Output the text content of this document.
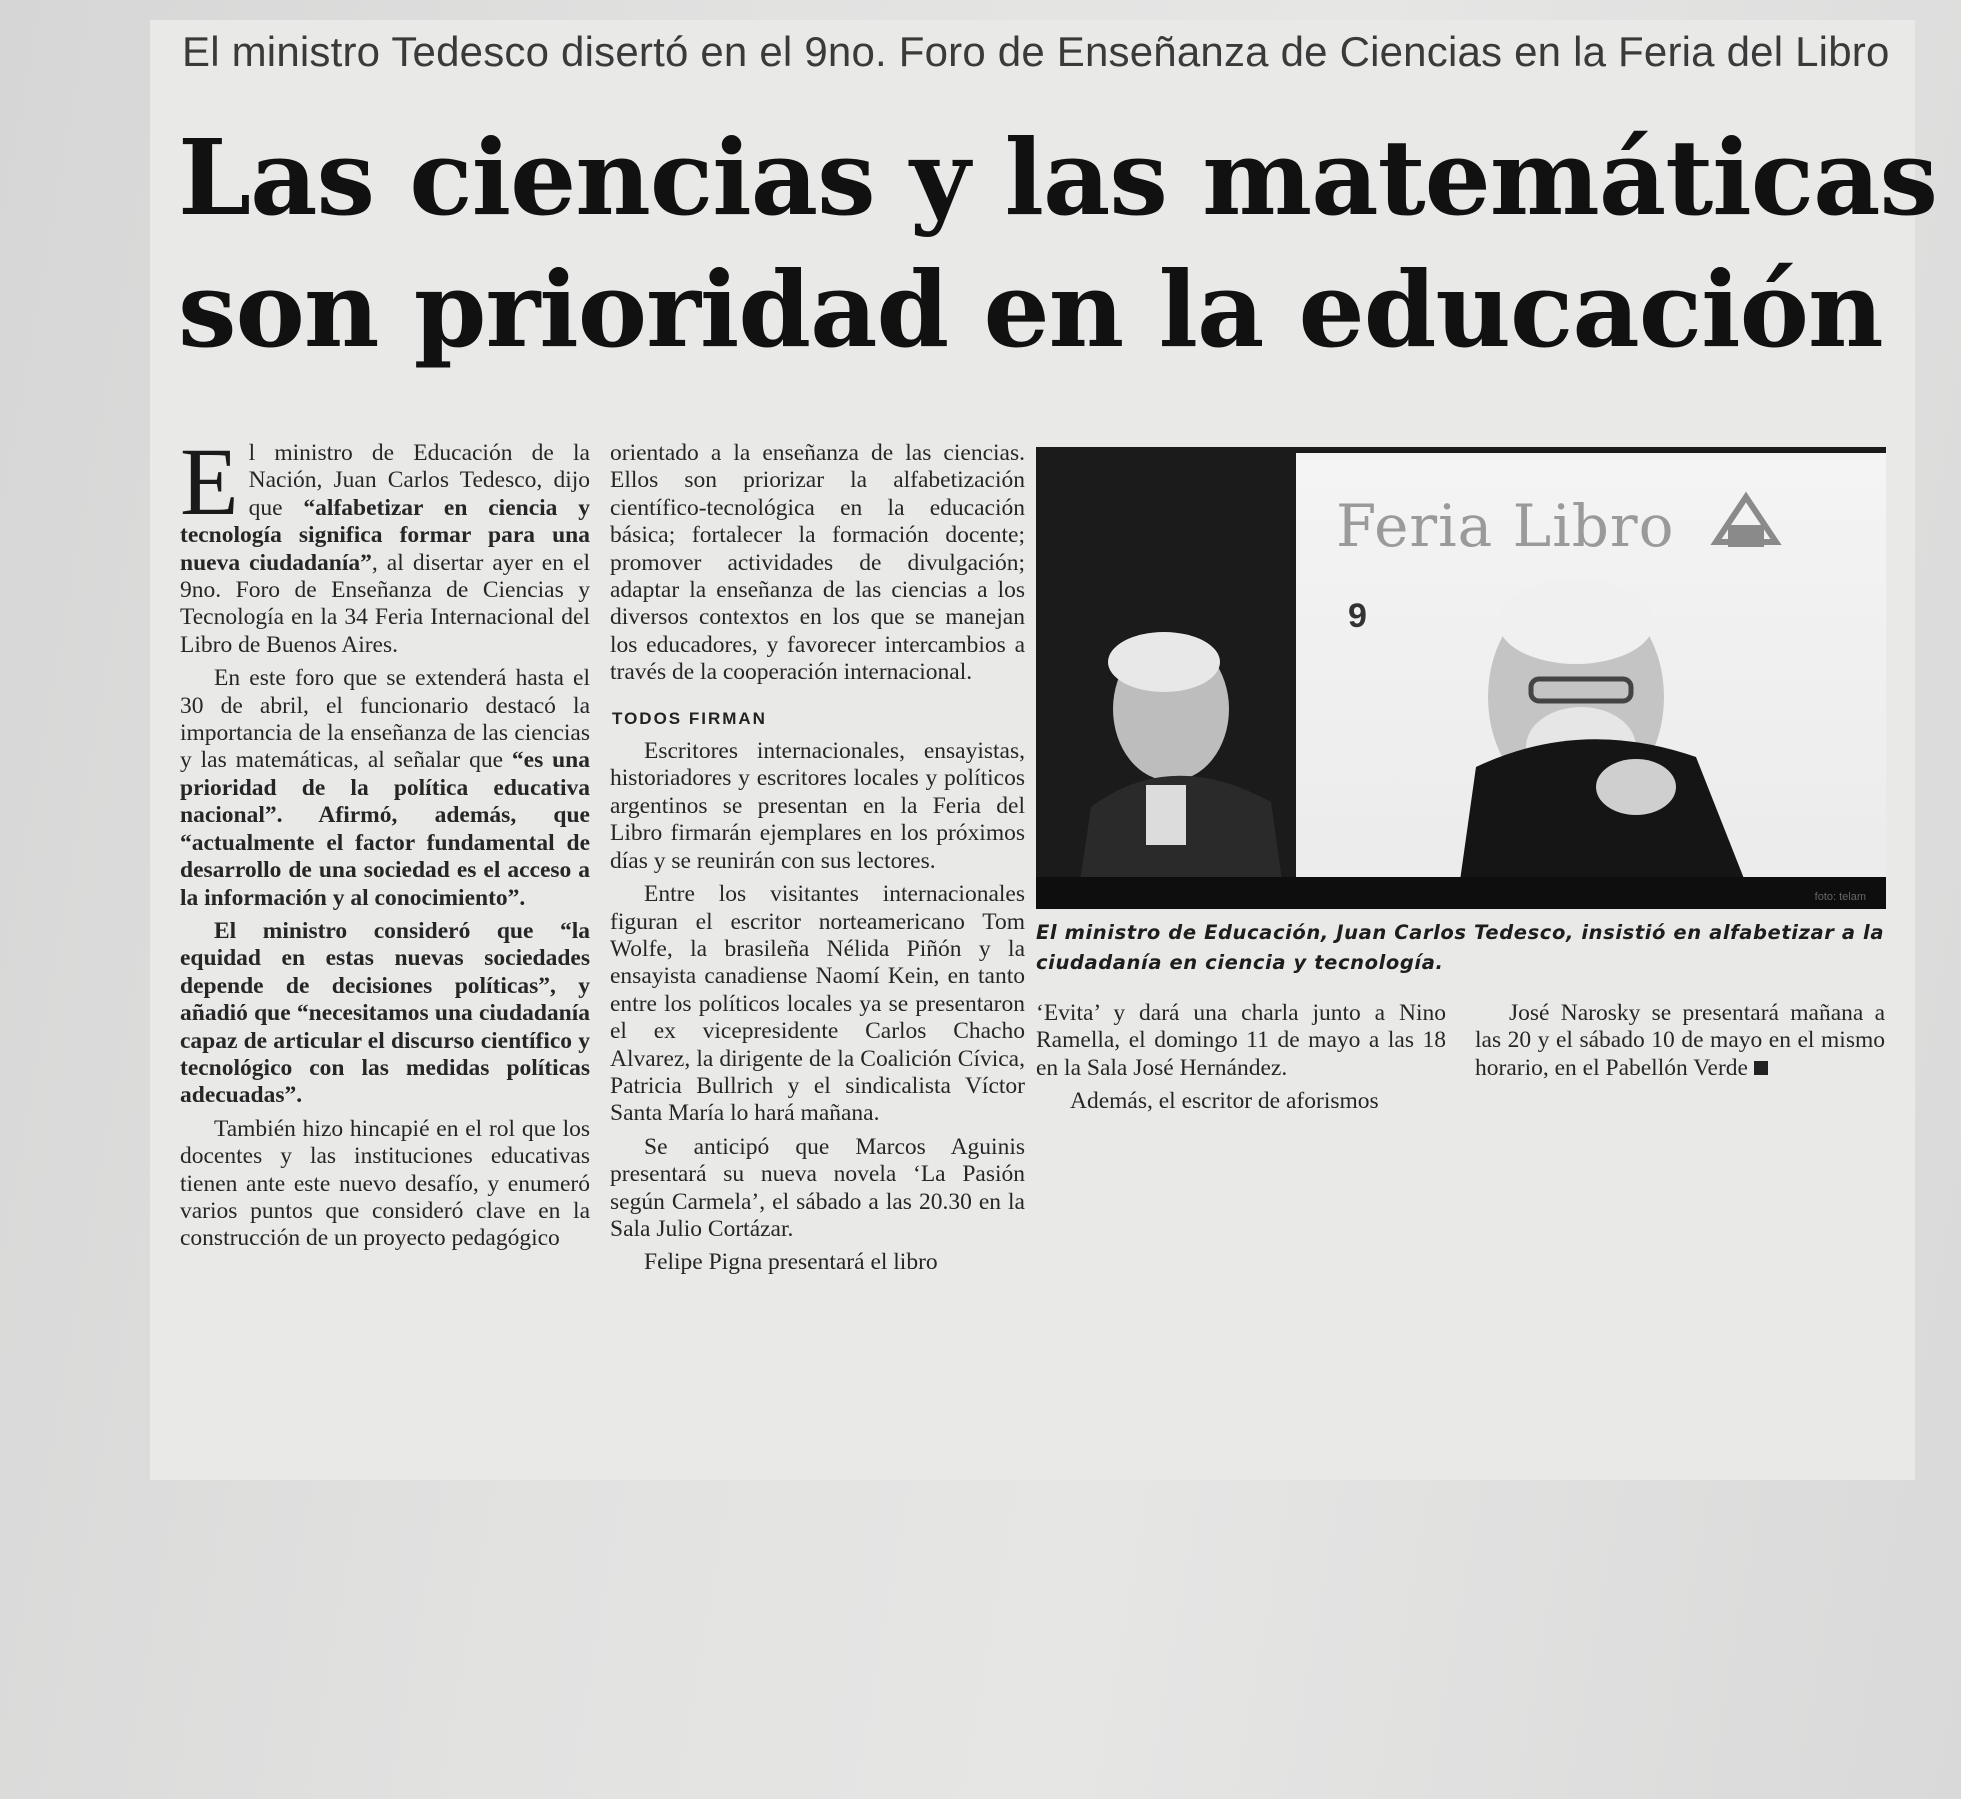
El ministro Tedesco disertó en el 9no. Foro de Enseñanza de Ciencias en la Feria del Libro
Las ciencias y las matemáticas
son prioridad en la educación

El ministro de Educación de la Nación, Juan Carlos Tedesco, dijo que “alfabetizar en ciencia y tecnología significa formar para una nueva ciudadanía”, al disertar ayer en el 9no. Foro de Enseñanza de Ciencias y Tecnología en la 34 Feria Internacional del Libro de Buenos Aires.

En este foro que se extenderá hasta el 30 de abril, el funcionario destacó la importancia de la enseñanza de las ciencias y las matemáticas, al señalar que “es una prioridad de la política educativa nacional”. Afirmó, además, que “actualmente el factor fundamental de desarrollo de una sociedad es el acceso a la información y al conocimiento”.

El ministro consideró que “la equidad en estas nuevas sociedades depende de decisiones políticas”, y añadió que “necesitamos una ciudadanía capaz de articular el discurso científico y tecnológico con las medidas políticas adecuadas”.

También hizo hincapié en el rol que los docentes y las instituciones educativas tienen ante este nuevo desafío, y enumeró varios puntos que consideró clave en la construcción de un proyecto pedagógico

orientado a la enseñanza de las ciencias. Ellos son priorizar la alfabetización científico-tecnológica en la educación básica; fortalecer la formación docente; promover actividades de divulgación; adaptar la enseñanza de las ciencias a los diversos contextos en los que se manejan los educadores, y favorecer intercambios a través de la cooperación internacional.

TODOS FIRMAN

Escritores internacionales, ensayistas, historiadores y escritores locales y políticos argentinos se presentan en la Feria del Libro firmarán ejemplares en los próximos días y se reunirán con sus lectores.

Entre los visitantes internacionales figuran el escritor norteamericano Tom Wolfe, la brasileña Nélida Piñón y la ensayista canadiense Naomí Kein, en tanto entre los políticos locales ya se presentaron el ex vicepresidente Carlos Chacho Alvarez, la dirigente de la Coalición Cívica, Patricia Bullrich y el sindicalista Víctor Santa María lo hará mañana.

Se anticipó que Marcos Aguinis presentará su nueva novela ‘La Pasión según Carmela’, el sábado a las 20.30 en la Sala Julio Cortázar.

Felipe Pigna presentará el libro

Feria Libro
9
foto: telam
El ministro de Educación, Juan Carlos Tedesco, insistió en alfabetizar a la ciudadanía en ciencia y tecnología.

‘Evita’ y dará una charla junto a Nino Ramella, el domingo 11 de mayo a las 18 en la Sala José Hernández.

Además, el escritor de aforismos

José Narosky se presentará mañana a las 20 y el sábado 10 de mayo en el mismo horario, en el Pabellón Verde
